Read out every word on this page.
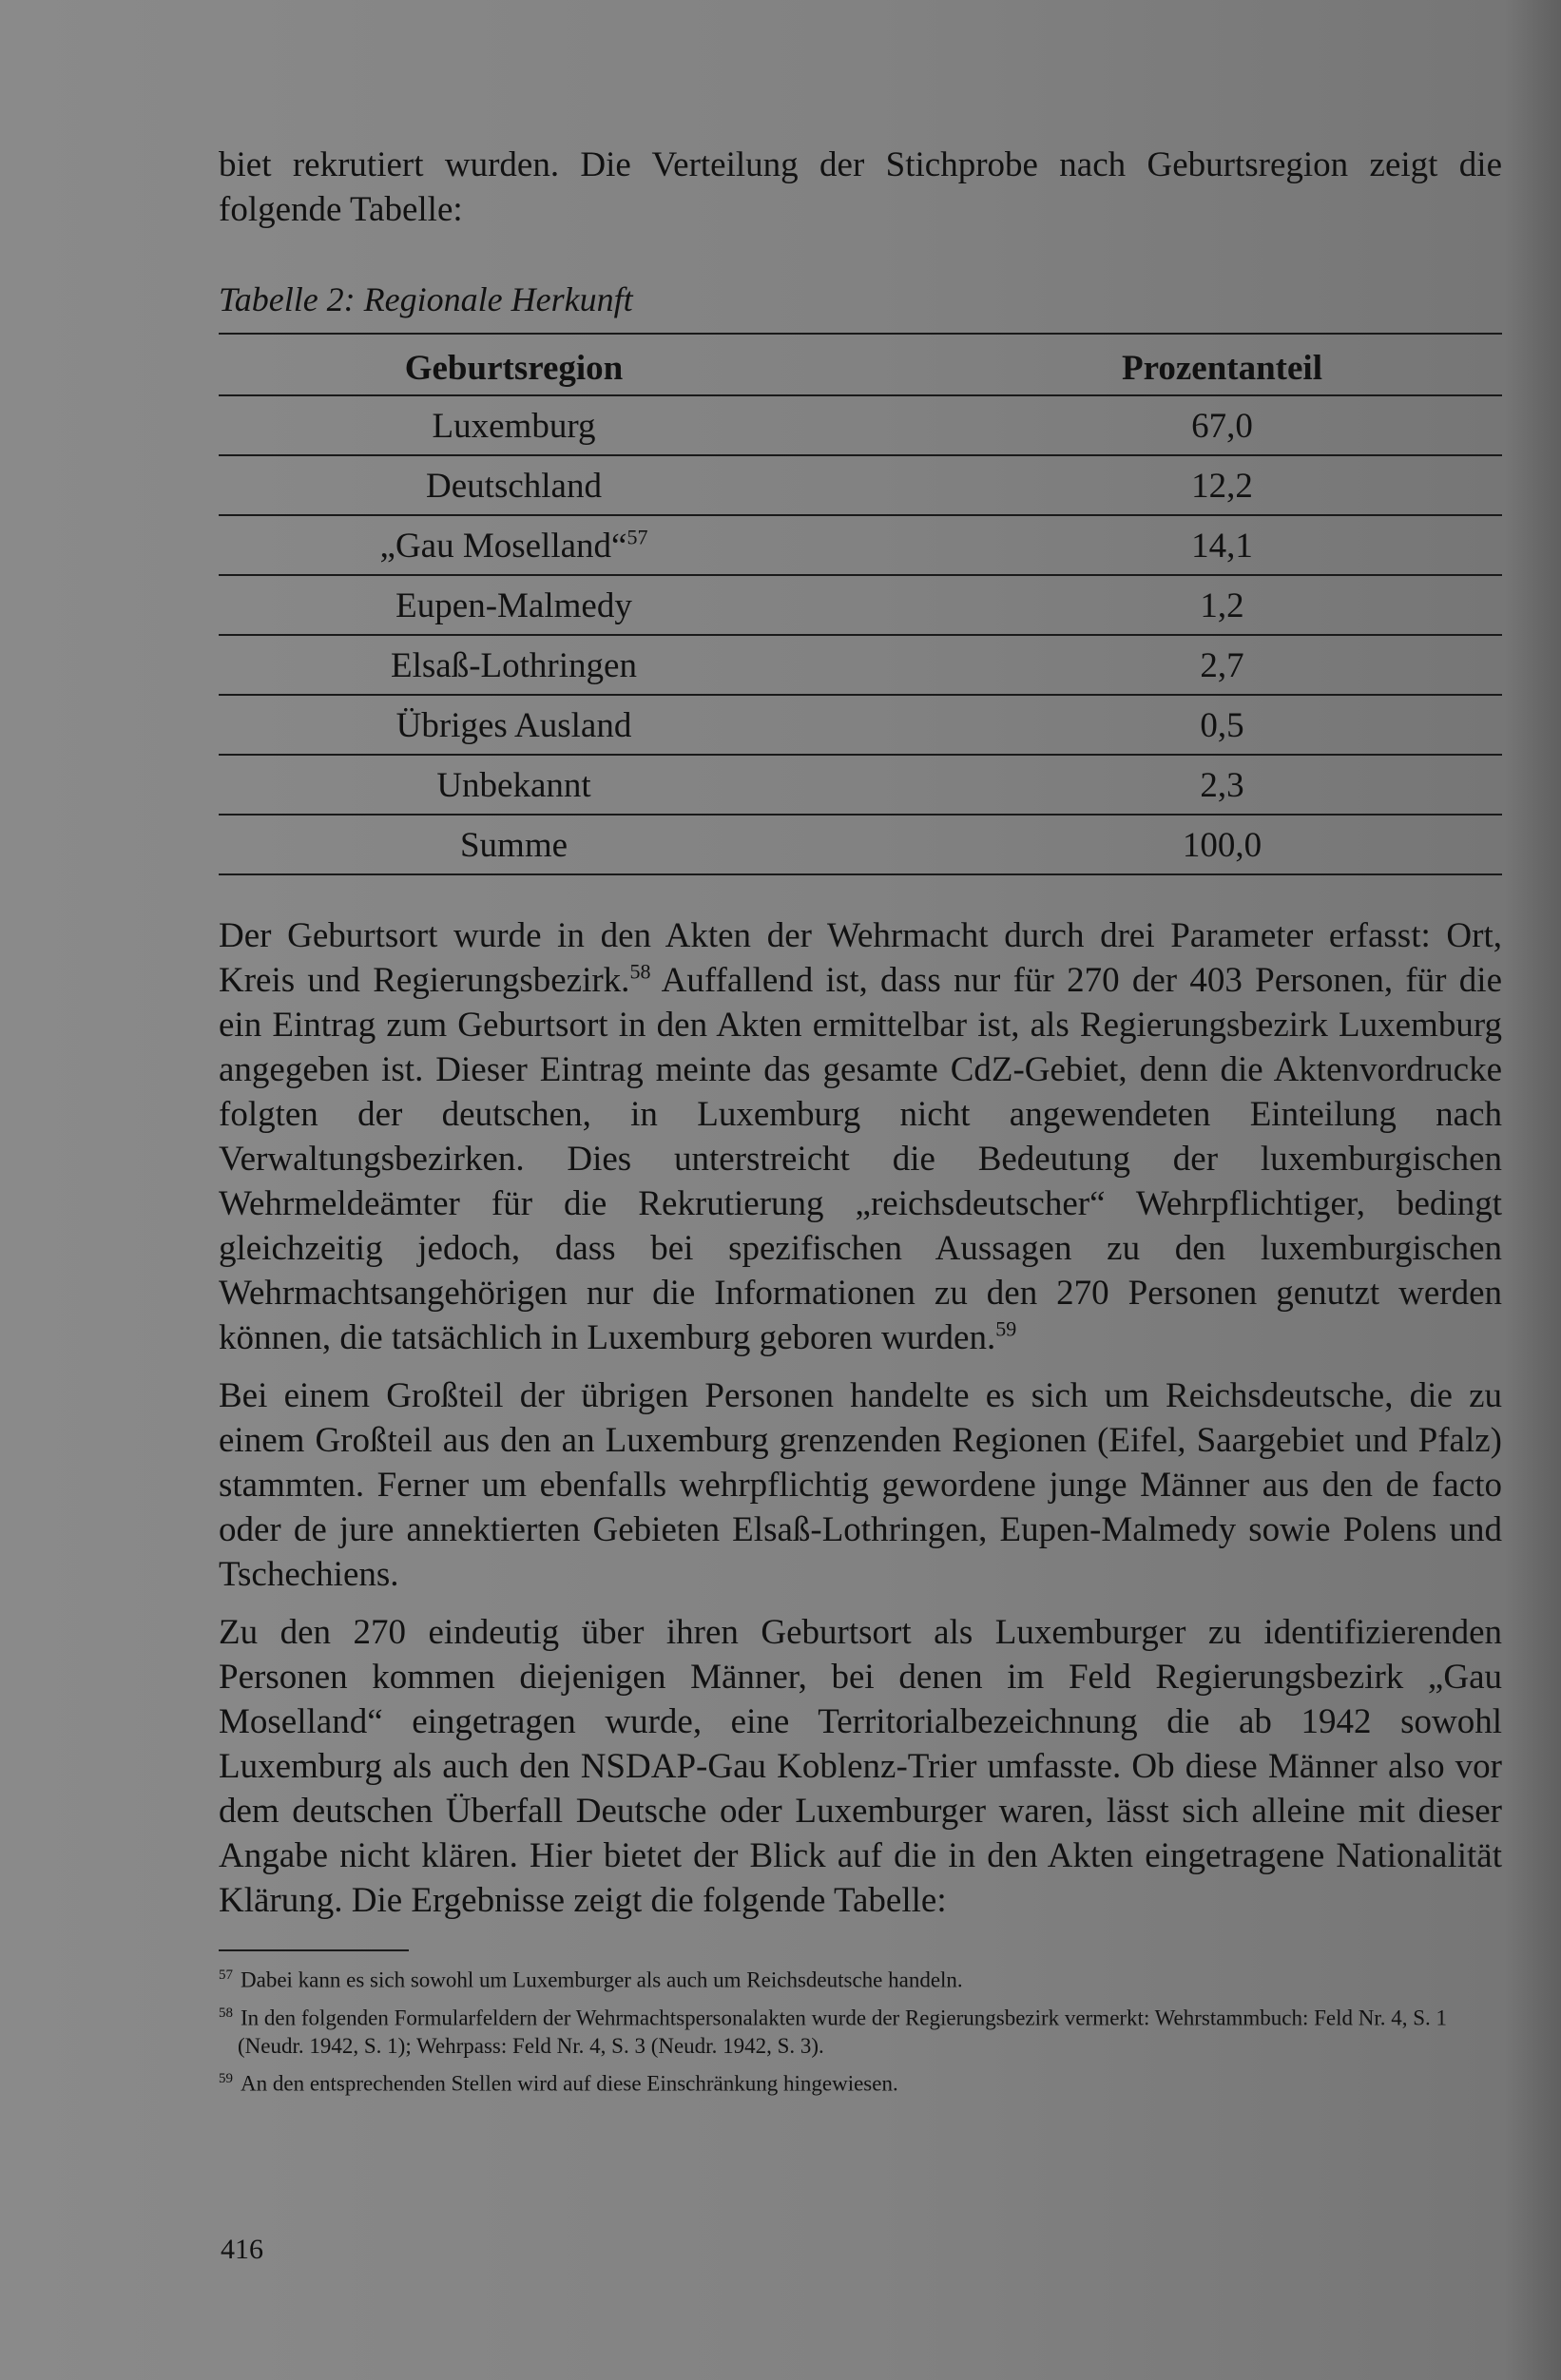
biet rekrutiert wurden. Die Verteilung der Stichprobe nach Geburtsregion zeigt die folgende Tabelle:

Tabelle 2: Regionale Herkunft
Geburtsregion	Prozentanteil
Luxemburg	67,0
Deutschland	12,2
„Gau Moselland“$^{57}$	14,1
Eupen-Malmedy	1,2
Elsaß-Lothringen	2,7
Übriges Ausland	0,5
Unbekannt	2,3
Summe	100,0

Der Geburtsort wurde in den Akten der Wehrmacht durch drei Parameter erfasst: Ort, Kreis und Regierungsbezirk.$^{58}$ Auffallend ist, dass nur für 270 der 403 Personen, für die ein Eintrag zum Geburtsort in den Akten ermittelbar ist, als Regierungsbezirk Luxemburg angegeben ist. Dieser Eintrag meinte das gesamte CdZ-Gebiet, denn die Aktenvordrucke folgten der deutschen, in Luxemburg nicht angewendeten Einteilung nach Verwaltungsbezirken. Dies unterstreicht die Bedeutung der luxemburgischen Wehrmeldeämter für die Rekrutierung „reichsdeutscher“ Wehrpflichtiger, bedingt gleichzeitig jedoch, dass bei spezifischen Aussagen zu den luxemburgischen Wehrmachtsangehörigen nur die Informationen zu den 270 Personen genutzt werden können, die tatsächlich in Luxemburg geboren wurden.$^{59}$

Bei einem Großteil der übrigen Personen handelte es sich um Reichsdeutsche, die zu einem Großteil aus den an Luxemburg grenzenden Regionen (Eifel, Saargebiet und Pfalz) stammten. Ferner um ebenfalls wehrpflichtig gewordene junge Männer aus den de facto oder de jure annektierten Gebieten Elsaß-Lothringen, Eupen-Malmedy sowie Polens und Tschechiens.

Zu den 270 eindeutig über ihren Geburtsort als Luxemburger zu identifizierenden Personen kommen diejenigen Männer, bei denen im Feld Regierungsbezirk „Gau Moselland“ eingetragen wurde, eine Territorialbezeichnung die ab 1942 sowohl Luxemburg als auch den NSDAP-Gau Koblenz-Trier umfasste. Ob diese Männer also vor dem deutschen Überfall Deutsche oder Luxemburger waren, lässt sich alleine mit dieser Angabe nicht klären. Hier bietet der Blick auf die in den Akten eingetragene Nationalität Klärung. Die Ergebnisse zeigt die folgende Tabelle:

$^{57}$ Dabei kann es sich sowohl um Luxemburger als auch um Reichsdeutsche handeln.
$^{58}$ In den folgenden Formularfeldern der Wehrmachtspersonalakten wurde der Regierungsbezirk vermerkt: Wehrstammbuch: Feld Nr. 4, S. 1 (Neudr. 1942, S. 1); Wehrpass: Feld Nr. 4, S. 3 (Neudr. 1942, S. 3).
$^{59}$ An den entsprechenden Stellen wird auf diese Einschränkung hingewiesen.
416
